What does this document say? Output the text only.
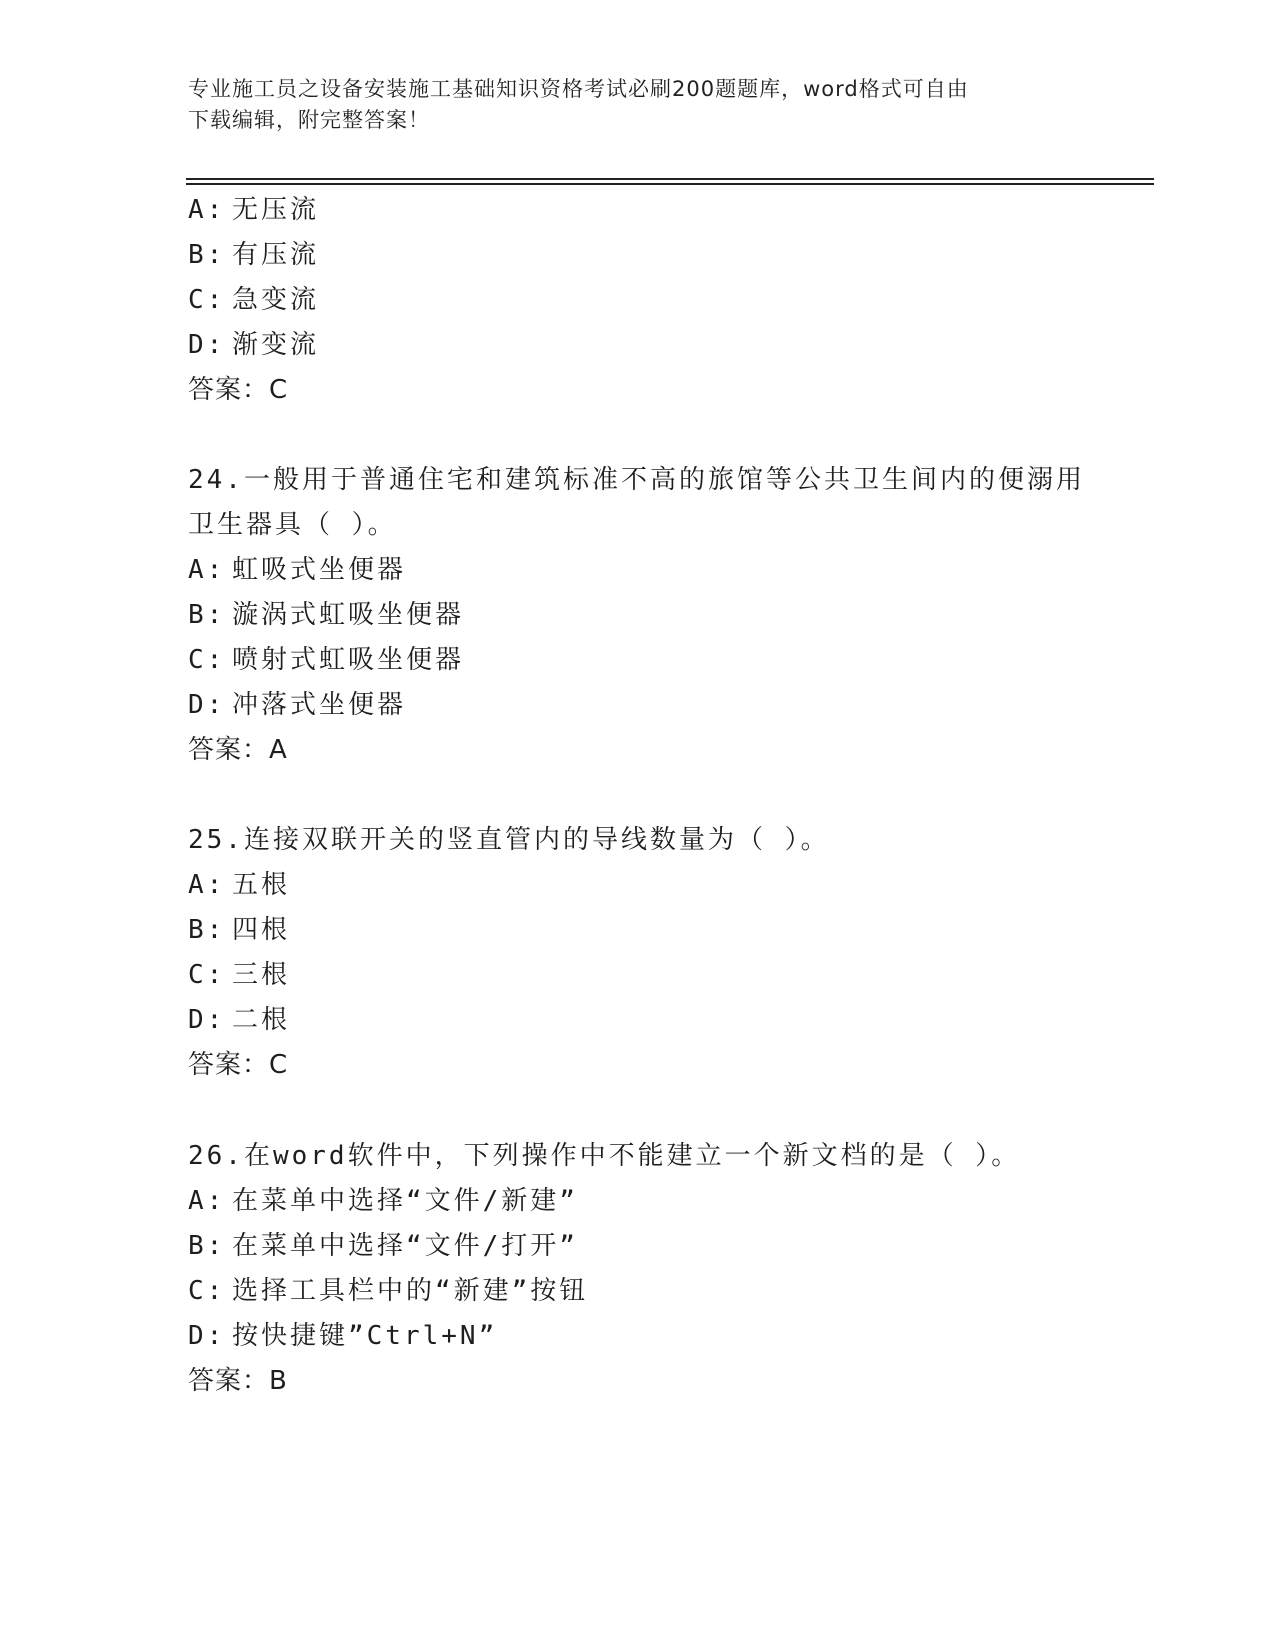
专业施工员之设备安装施工基础知识资格考试必刷200题题库，word格式可自由
下载编辑，附完整答案！
A: 无压流
B: 有压流
C: 急变流
D: 渐变流
答案：C
24.一般用于普通住宅和建筑标准不高的旅馆等公共卫生间内的便溺用
卫生器具（ ）。
A: 虹吸式坐便器
B: 漩涡式虹吸坐便器
C: 喷射式虹吸坐便器
D: 冲落式坐便器
答案：A
25.连接双联开关的竖直管内的导线数量为（ ）。
A: 五根
B: 四根
C: 三根
D: 二根
答案：C
26.在word软件中，下列操作中不能建立一个新文档的是（ ）。
A: 在菜单中选择“文件/新建”
B: 在菜单中选择“文件/打开”
C: 选择工具栏中的“新建”按钮
D: 按快捷键”Ctrl+N”
答案：B
